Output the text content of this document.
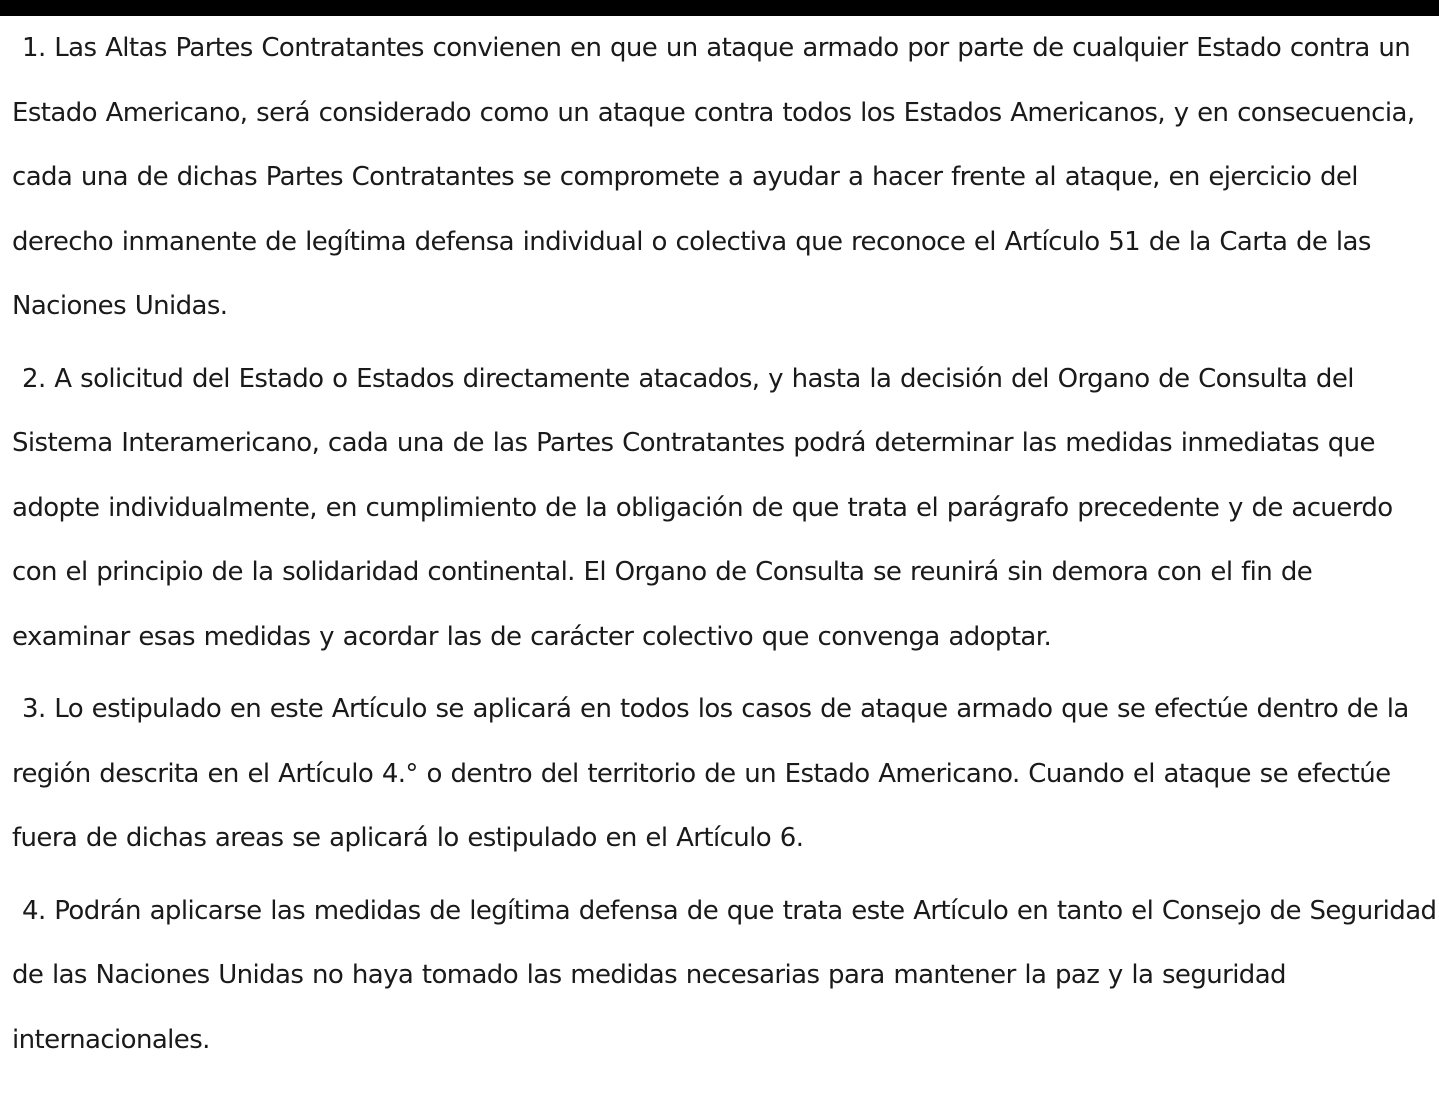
1. Las Altas Partes Contratantes convienen en que un ataque armado por parte de cualquier Estado contra un Estado Americano, será considerado como un ataque contra todos los Estados Americanos, y en consecuencia, cada una de dichas Partes Contratantes se compromete a ayudar a hacer frente al ataque, en ejercicio del derecho inmanente de legítima defensa individual o colectiva que reconoce el Artículo 51 de la Carta de las Naciones Unidas.

2. A solicitud del Estado o Estados directamente atacados, y hasta la decisión del Organo de Consulta del Sistema Interamericano, cada una de las Partes Contratantes podrá determinar las medidas inmediatas que adopte individualmente, en cumplimiento de la obligación de que trata el parágrafo precedente y de acuerdo con el principio de la solidaridad continental. El Organo de Consulta se reunirá sin demora con el fin de examinar esas medidas y acordar las de carácter colectivo que convenga adoptar.

3. Lo estipulado en este Artículo se aplicará en todos los casos de ataque armado que se efectúe dentro de la región descrita en el Artículo 4.° o dentro del territorio de un Estado Americano. Cuando el ataque se efectúe fuera de dichas areas se aplicará lo estipulado en el Artículo 6.

4. Podrán aplicarse las medidas de legítima defensa de que trata este Artículo en tanto el Consejo de Seguridad de las Naciones Unidas no haya tomado las medidas necesarias para mantener la paz y la seguridad internacionales.
